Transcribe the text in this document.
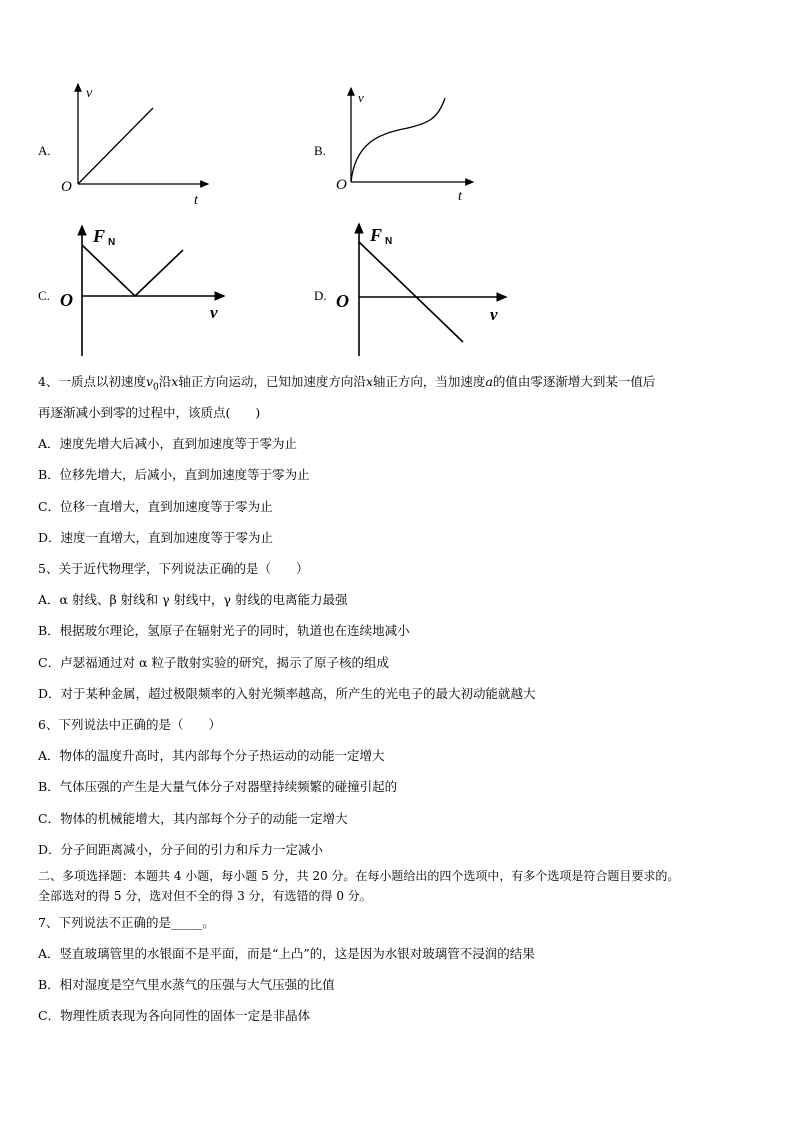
A.
v
t
O
B.
v
t
O
C.
F N
v
O	D.
F N
v
O
4、一质点以初速度$v_0$沿x轴正方向运动，已知加速度方向沿x轴正方向，当加速度a的值由零逐渐增大到某一值后
再逐渐减小到零的过程中，该质点(　　)
A．速度先增大后减小，直到加速度等于零为止
B．位移先增大，后减小，直到加速度等于零为止
C．位移一直增大，直到加速度等于零为止
D．速度一直增大，直到加速度等于零为止
5、关于近代物理学，下列说法正确的是（　　）
A．α 射线、β 射线和 γ 射线中，γ 射线的电离能力最强
B．根据玻尔理论，氢原子在辐射光子的同时，轨道也在连续地减小
C．卢瑟福通过对 α 粒子散射实验的研究，揭示了原子核的组成
D．对于某种金属，超过极限频率的入射光频率越高，所产生的光电子的最大初动能就越大
6、下列说法中正确的是（　　）
A．物体的温度升高时，其内部每个分子热运动的动能一定增大
B．气体压强的产生是大量气体分子对器壁持续频繁的碰撞引起的
C．物体的机械能增大，其内部每个分子的动能一定增大
D．分子间距离减小，分子间的引力和斥力一定减小
二、多项选择题：本题共 4 小题，每小题 5 分，共 20 分。在每小题给出的四个选项中，有多个选项是符合题目要求的。
全部选对的得 5 分，选对但不全的得 3 分，有选错的得 0 分。
7、下列说法不正确的是_____。
A．竖直玻璃管里的水银面不是平面，而是“上凸”的，这是因为水银对玻璃管不浸润的结果
B．相对湿度是空气里水蒸气的压强与大气压强的比值
C．物理性质表现为各向同性的固体一定是非晶体
